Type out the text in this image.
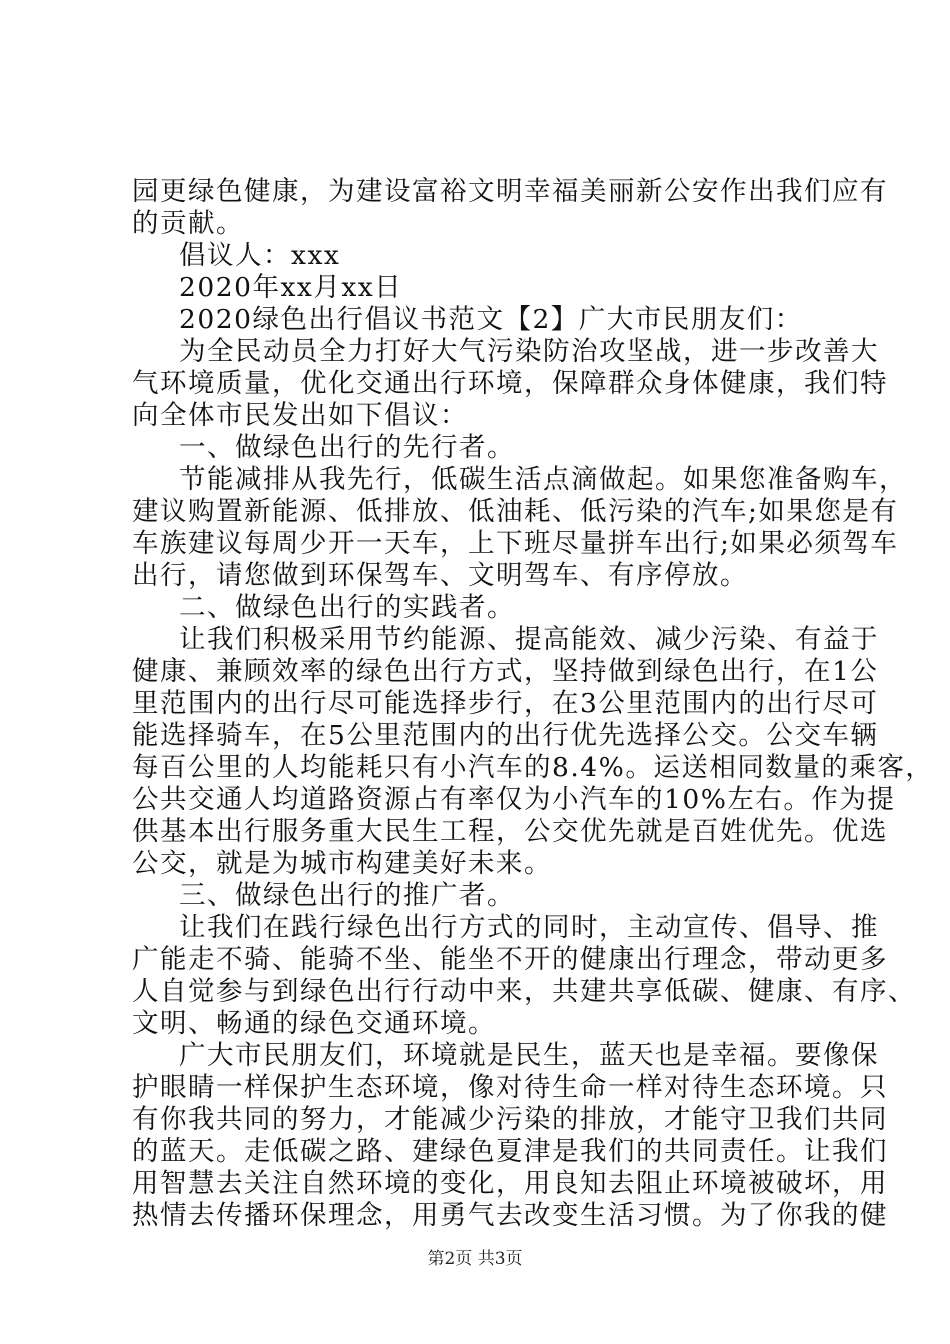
园更绿色健康，为建设富裕文明幸福美丽新公安作出我们应有
的贡献。
倡议人：xxx
2020年xx月xx日
2020绿色出行倡议书范文【2】广大市民朋友们：
为全民动员全力打好大气污染防治攻坚战，进一步改善大
气环境质量，优化交通出行环境，保障群众身体健康，我们特
向全体市民发出如下倡议：
一、做绿色出行的先行者。
节能减排从我先行，低碳生活点滴做起。如果您准备购车，
建议购置新能源、低排放、低油耗、低污染的汽车;如果您是有
车族建议每周少开一天车，上下班尽量拼车出行;如果必须驾车
出行，请您做到环保驾车、文明驾车、有序停放。
二、做绿色出行的实践者。
让我们积极采用节约能源、提高能效、减少污染、有益于
健康、兼顾效率的绿色出行方式，坚持做到绿色出行，在1公
里范围内的出行尽可能选择步行，在3公里范围内的出行尽可
能选择骑车，在5公里范围内的出行优先选择公交。公交车辆
每百公里的人均能耗只有小汽车的8.4%。运送相同数量的乘客，
公共交通人均道路资源占有率仅为小汽车的10%左右。作为提
供基本出行服务重大民生工程，公交优先就是百姓优先。优选
公交，就是为城市构建美好未来。
三、做绿色出行的推广者。
让我们在践行绿色出行方式的同时，主动宣传、倡导、推
广能走不骑、能骑不坐、能坐不开的健康出行理念，带动更多
人自觉参与到绿色出行行动中来，共建共享低碳、健康、有序、
文明、畅通的绿色交通环境。
广大市民朋友们，环境就是民生，蓝天也是幸福。要像保
护眼睛一样保护生态环境，像对待生命一样对待生态环境。只
有你我共同的努力，才能减少污染的排放，才能守卫我们共同
的蓝天。走低碳之路、建绿色夏津是我们的共同责任。让我们
用智慧去关注自然环境的变化，用良知去阻止环境被破坏，用
热情去传播环保理念，用勇气去改变生活习惯。为了你我的健
第2页 共3页
